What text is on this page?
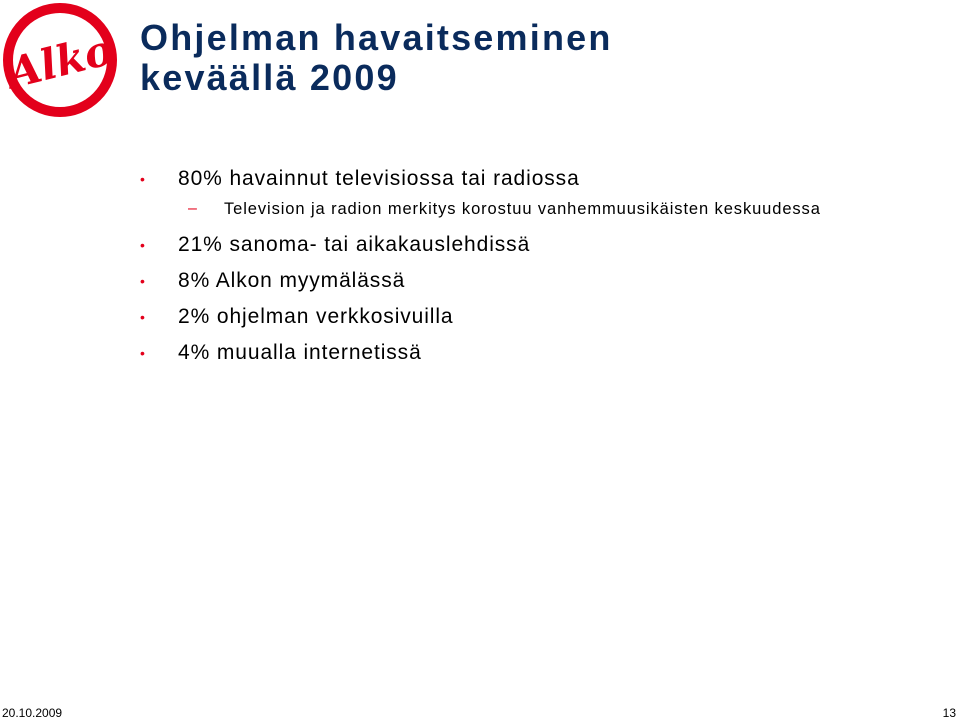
Alko Ohjelman havaitseminen
keväällä 2009
• 80% havainnut televisiossa tai radiossa
– Television ja radion merkitys korostuu vanhemmuusikäisten keskuudessa
• 21% sanoma- tai aikakauslehdissä
• 8% Alkon myymälässä
• 2% ohjelman verkkosivuilla
• 4% muualla internetissä
20.10.2009	13
